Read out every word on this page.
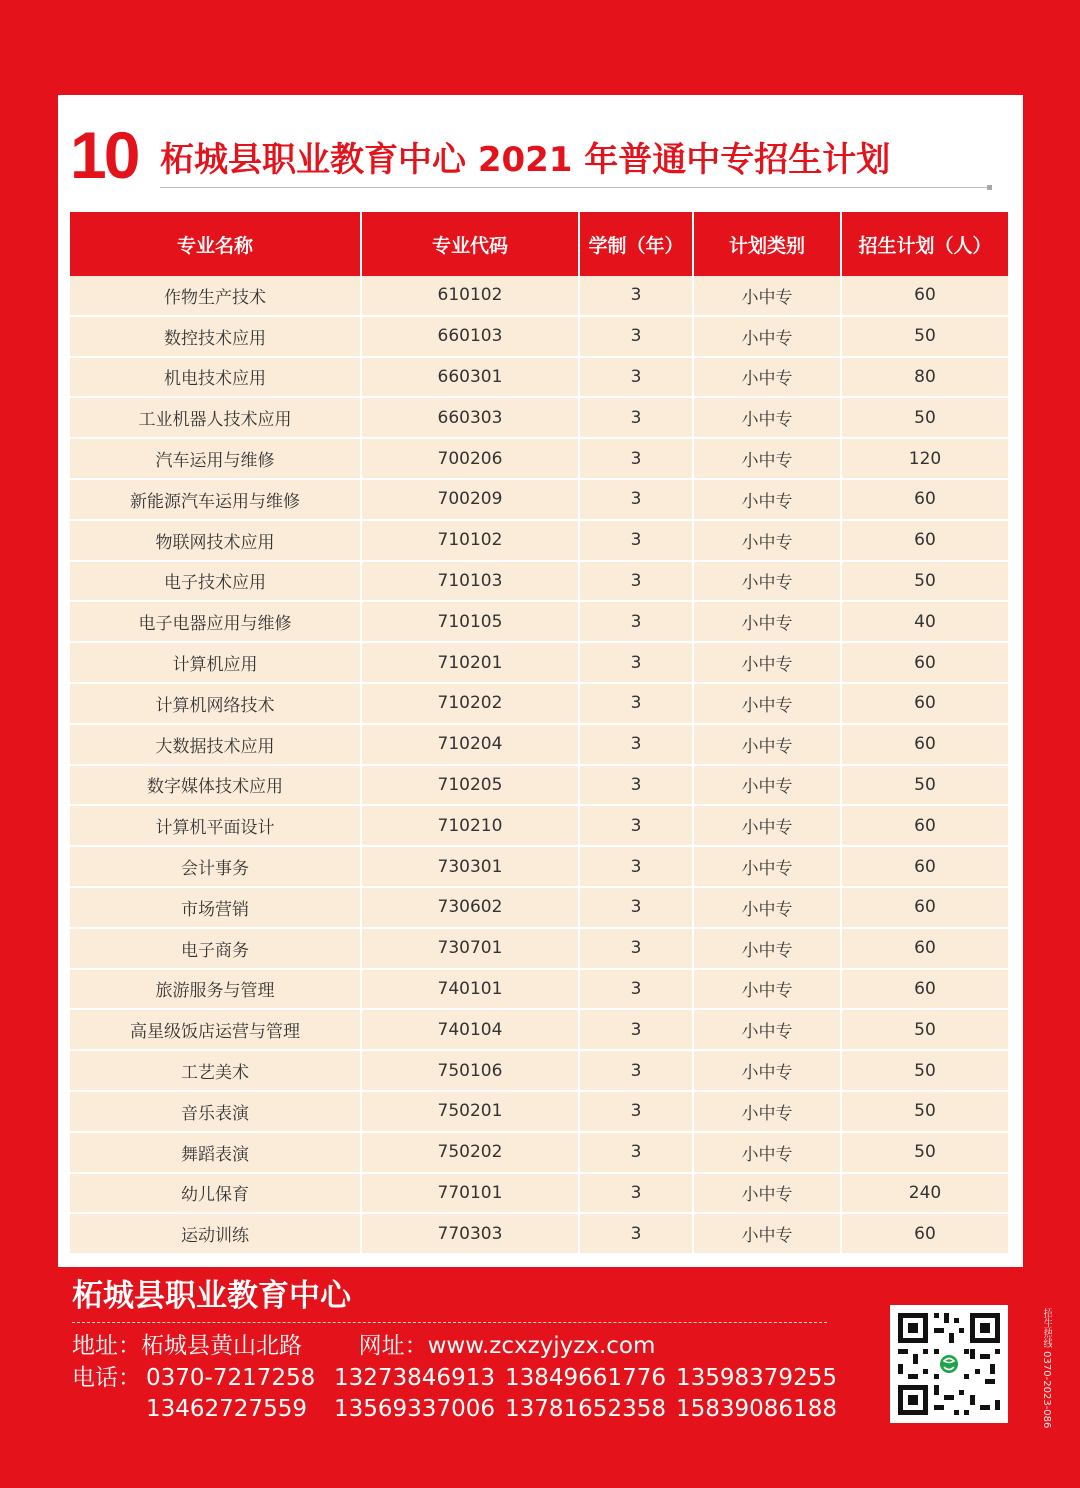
10 柘城县职业教育中心 2021 年普通中专招生计划
专业名称	专业代码	学制（年）	计划类别	招生计划（人）
作物生产技术	610102	3	小中专	60
数控技术应用	660103	3	小中专	50
机电技术应用	660301	3	小中专	80
工业机器人技术应用	660303	3	小中专	50
汽车运用与维修	700206	3	小中专	120
新能源汽车运用与维修	700209	3	小中专	60
物联网技术应用	710102	3	小中专	60
电子技术应用	710103	3	小中专	50
电子电器应用与维修	710105	3	小中专	40
计算机应用	710201	3	小中专	60
计算机网络技术	710202	3	小中专	60
大数据技术应用	710204	3	小中专	60
数字媒体技术应用	710205	3	小中专	50
计算机平面设计	710210	3	小中专	60
会计事务	730301	3	小中专	60
市场营销	730602	3	小中专	60
电子商务	730701	3	小中专	60
旅游服务与管理	740101	3	小中专	60
高星级饭店运营与管理	740104	3	小中专	50
工艺美术	750106	3	小中专	50
音乐表演	750201	3	小中专	50
舞蹈表演	750202	3	小中专	50
幼儿保育	770101	3	小中专	240
运动训练	770303	3	小中专	60
柘城县职业教育中心
地址：柘城县黄山北路 网址：www.zcxzyjyzx.com
电话： 0370-7217258 13273846913 13849661776 13598379255
13462727559 13569337006 13781652358 15839086188	招生热线 0370-2023-086
